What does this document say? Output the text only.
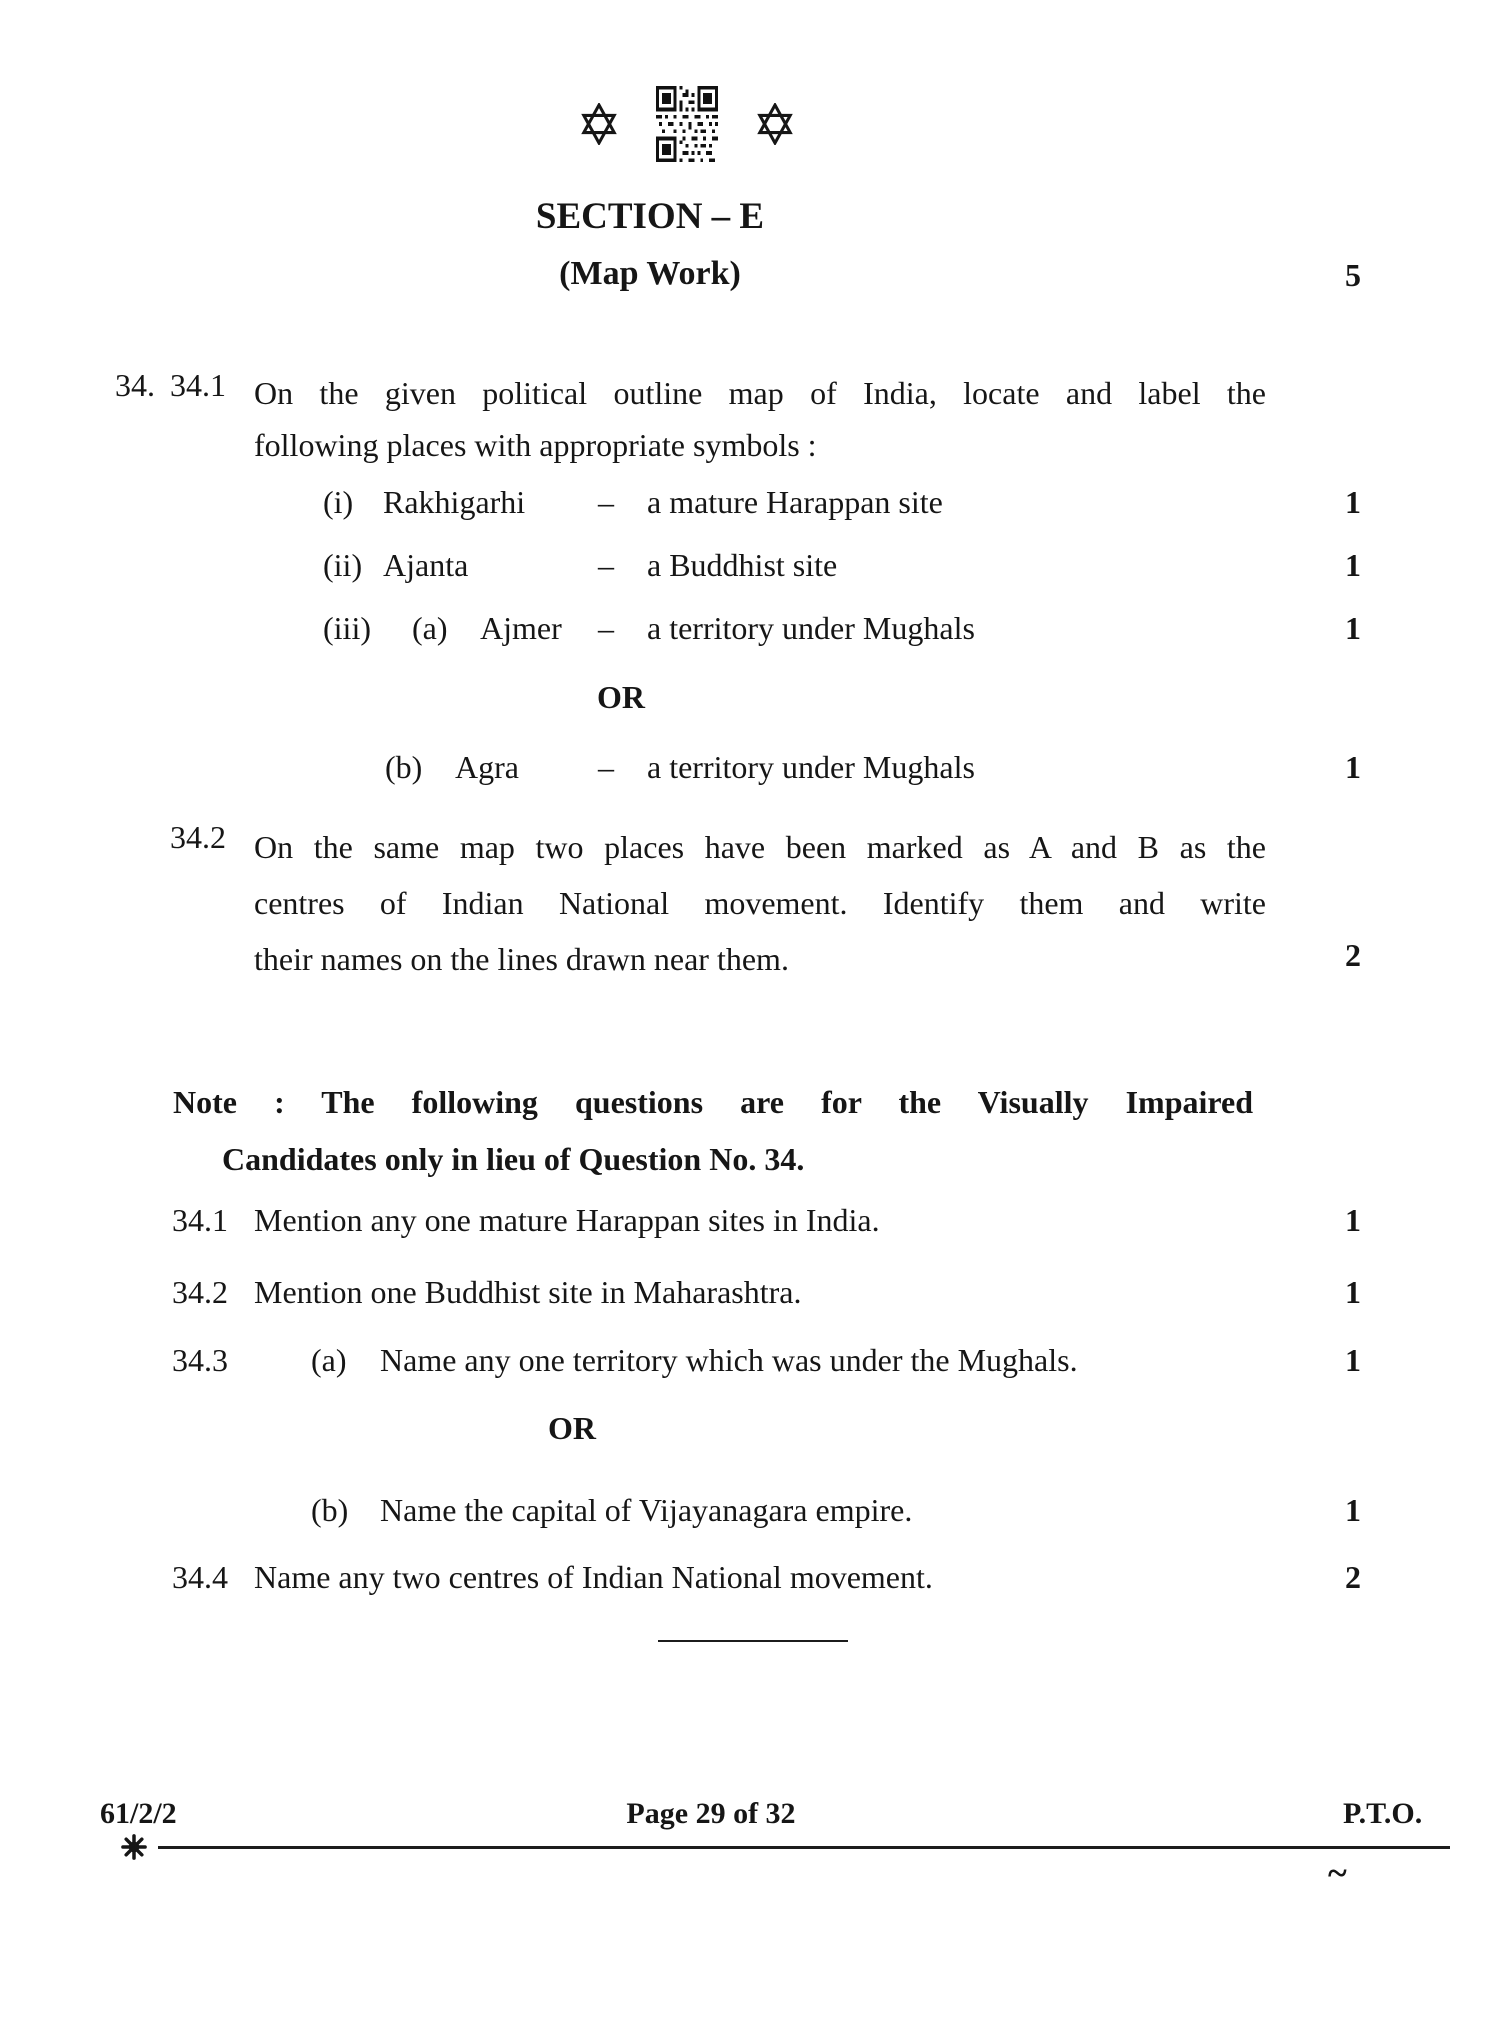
SECTION – E
(Map Work)	5
34. 34.1 On the given political outline map of India, locate and label the
following places with appropriate symbols :
(i) Rakhigarhi – a mature Harappan site	1
(ii) Ajanta	– a Buddhist site	1
(iii) (a) Ajmer – a territory under Mughals	1
OR
(b) Agra – a territory under Mughals	1
34.2 On the same map two places have been marked as A and B as the
centres of Indian National movement. Identify them and write
their names on the lines drawn near them.	2
Note : The following questions are for the Visually Impaired
Candidates only in lieu of Question No. 34.
34.1 Mention any one mature Harappan sites in India.	1
34.2 Mention one Buddhist site in Maharashtra.	1
34.3	(a) Name any one territory which was under the Mughals.	1
OR
(b) Name the capital of Vijayanagara empire.	1
34.4 Name any two centres of Indian National movement.	2
61/2/2	Page 29 of 32	P.T.O.
~
